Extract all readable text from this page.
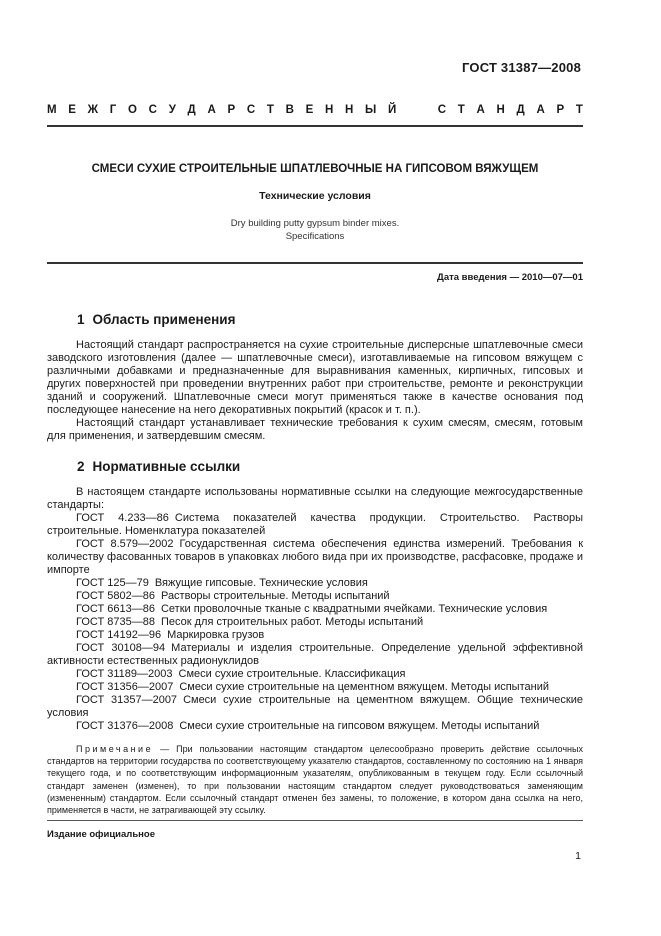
ГОСТ 31387—2008
М Е Ж Г О С У Д А Р С Т В Е Н Н Ы Й

	С Т А Н Д А Р Т
СМЕСИ СУХИЕ СТРОИТЕЛЬНЫЕ ШПАТЛЕВОЧНЫЕ НА ГИПСОВОМ ВЯЖУЩЕМ
Технические условия
Dry building putty gypsum binder mixes.
Specifications
Дата введения — 2010—07—01
1 Область применения

Настоящий стандарт распространяется на сухие строительные дисперсные шпатлевочные смеси заводского изготовления (далее — шпатлевочные смеси), изготавливаемые на гипсовом вяжущем с различными добавками и предназначенные для выравнивания каменных, кирпичных, гипсовых и других поверхностей при проведении внутренних работ при строительстве, ремонте и реконструкции зданий и сооружений. Шпатлевочные смеси могут применяться также в качестве основания под последующее нанесение на него декоративных покрытий (красок и т. п.).

Настоящий стандарт устанавливает технические требования к сухим смесям, смесям, готовым для применения, и затвердевшим смесям.

2 Нормативные ссылки

В настоящем стандарте использованы нормативные ссылки на следующие межгосударственные стандарты:

ГОСТ 4.233—86 Система показателей качества продукции. Строительство. Растворы строительные. Номенклатура показателей

ГОСТ 8.579—2002 Государственная система обеспечения единства измерений. Требования к количеству фасованных товаров в упаковках любого вида при их производстве, расфасовке, продаже и импорте

ГОСТ 125—79 Вяжущие гипсовые. Технические условия

ГОСТ 5802—86 Растворы строительные. Методы испытаний

ГОСТ 6613—86 Сетки проволочные тканые с квадратными ячейками. Технические условия

ГОСТ 8735—88 Песок для строительных работ. Методы испытаний

ГОСТ 14192—96 Маркировка грузов

ГОСТ 30108—94 Материалы и изделия строительные. Определение удельной эффективной активности естественных радионуклидов

ГОСТ 31189—2003 Смеси сухие строительные. Классификация

ГОСТ 31356—2007 Смеси сухие строительные на цементном вяжущем. Методы испытаний

ГОСТ 31357—2007 Смеси сухие строительные на цементном вяжущем. Общие технические условия

ГОСТ 31376—2008 Смеси сухие строительные на гипсовом вяжущем. Методы испытаний

Примечание — При пользовании настоящим стандартом целесообразно проверить действие ссылочных стандартов на территории государства по соответствующему указателю стандартов, составленному по состоянию на 1 января текущего года, и по соответствующим информационным указателям, опубликованным в текущем году. Если ссылочный стандарт заменен (изменен), то при пользовании настоящим стандартом следует руководствоваться заменяющим (измененным) стандартом. Если ссылочный стандарт отменен без замены, то положение, в котором дана ссылка на него, применяется в части, не затрагивающей эту ссылку.
Издание официальное
1
